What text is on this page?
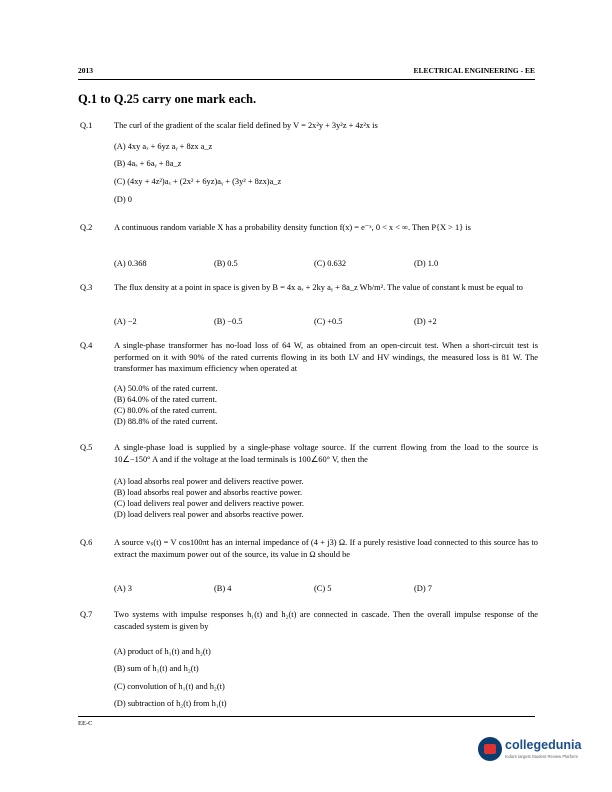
2013	ELECTRICAL ENGINEERING - EE
Q.1 to Q.25 carry one mark each.
Q.1	The curl of the gradient of the scalar field defined by V = 2x²y + 3y²z + 4z²x is
(A) 4xy aₓ + 6yz aᵧ + 8zx a_z
(B) 4aₓ + 6aᵧ + 8a_z
(C) (4xy + 4z²)aₓ + (2x² + 6yz)aᵧ + (3y² + 8zx)a_z
(D) 0
Q.2	A continuous random variable X has a probability density function f(x) = e⁻ˣ, 0 < x < ∞. Then P{X > 1} is
(A) 0.368	(B) 0.5	(C) 0.632	(D) 1.0
Q.3	The flux density at a point in space is given by B = 4x aₓ + 2ky aᵧ + 8a_z Wb/m². The value of constant k must be equal to
(A) −2	(B) −0.5	(C) +0.5	(D) +2
Q.4	A single-phase transformer has no-load loss of 64 W, as obtained from an open-circuit test. When a short-circuit test is performed on it with 90% of the rated currents flowing in its both LV and HV windings, the measured loss is 81 W. The transformer has maximum efficiency when operated at
(A) 50.0% of the rated current.
(B) 64.0% of the rated current.
(C) 80.0% of the rated current.
(D) 88.8% of the rated current.
Q.5	A single-phase load is supplied by a single-phase voltage source. If the current flowing from the load to the source is 10∠−150° A and if the voltage at the load terminals is 100∠60° V, then the
(A) load absorbs real power and delivers reactive power.
(B) load absorbs real power and absorbs reactive power.
(C) load delivers real power and delivers reactive power.
(D) load delivers real power and absorbs reactive power.
Q.6	A source vₛ(t) = V cos100πt has an internal impedance of (4 + j3) Ω. If a purely resistive load connected to this source has to extract the maximum power out of the source, its value in Ω should be
(A) 3	(B) 4	(C) 5	(D) 7
Q.7	Two systems with impulse responses h₁(t) and h₂(t) are connected in cascade. Then the overall impulse response of the cascaded system is given by
(A) product of h₁(t) and h₂(t)
(B) sum of h₁(t) and h₂(t)
(C) convolution of h₁(t) and h₂(t)
(D) subtraction of h₂(t) from h₁(t)
EE-C
collegedunia
India's largest Student Review Platform
